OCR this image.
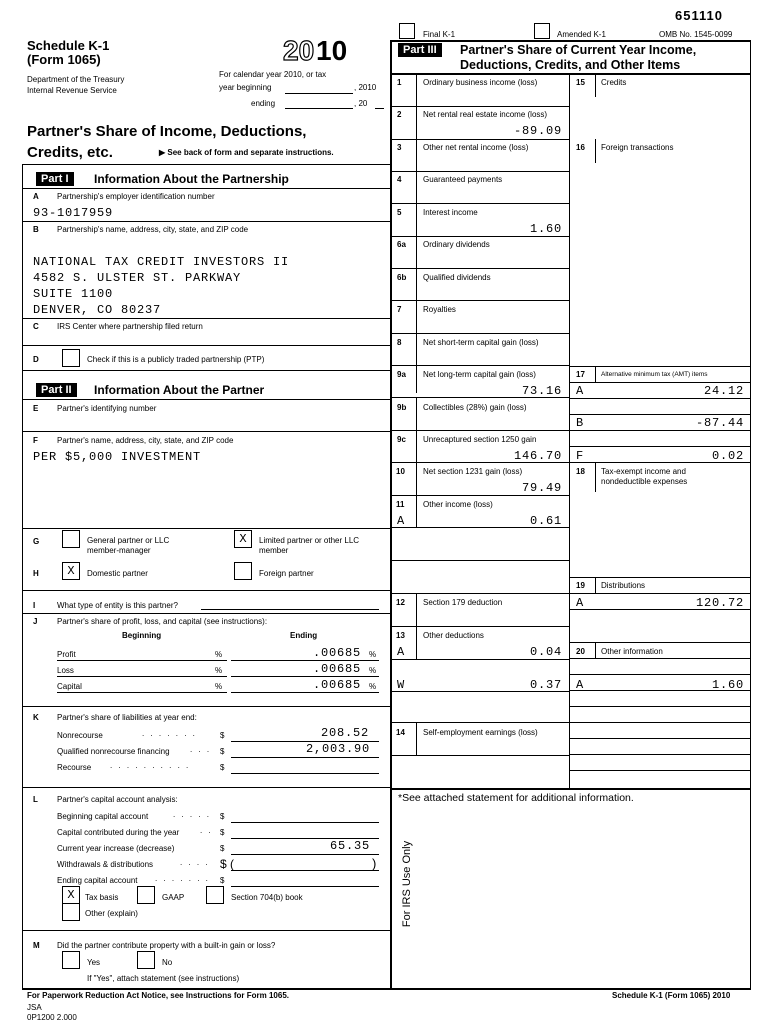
651110
Final K-1	Amended K-1	OMB No. 1545-0099
Schedule K-1
(Form 1065)	20 10
For calendar year 2010, or tax
year beginning	, 2010
ending	, 20
Department of the Treasury
Internal Revenue Service
Partner's Share of Income, Deductions,
Credits, etc.	▶ See back of form and separate instructions.
Part I	Information About the Partnership
A Partnership's employer identification number
93-1017959
B Partnership's name, address, city, state, and ZIP code
NATIONAL TAX CREDIT INVESTORS II
4582 S. ULSTER ST. PARKWAY
SUITE 1100
DENVER, CO 80237
C IRS Center where partnership filed return
D	Check if this is a publicly traded partnership (PTP)
Part II	Information About the Partner
E Partner's identifying number
F Partner's name, address, city, state, and ZIP code
PER $5,000 INVESTMENT
G	General partner or LLC
member-manager
X	Limited partner or other LLC
member
H	X	Domestic partner	Foreign partner
I	What type of entity is this partner?
J Partner's share of profit, loss, and capital (see instructions):
Beginning	Ending
Profit	%	.00685 %
Loss	%	.00685 %
Capital	%	.00685 %
K Partner's share of liabilities at year end:
Nonrecourse	. . . . . . .	$	208.52
Qualified nonrecourse financing	. . . $	2,003.90
Recourse . . . . . . . . . .	$
L Partner's capital account analysis:
Beginning capital account	. . . . . $
Capital contributed during the year	. . $
Current year increase (decrease)	$	65.35
Withdrawals & distributions	. . . . $ (	)
Ending capital account . . . . . . . $
X	Tax basis	GAAP	Section 704(b) book
Other (explain)
M Did the partner contribute property with a built-in gain or loss?
Yes	No
If "Yes", attach statement (see instructions)
Part III	Partner's Share of Current Year Income,
Deductions, Credits, and Other Items
1	Ordinary business income (loss)
2	Net rental real estate income (loss)
-89.09
3	Other net rental income (loss)
4	Guaranteed payments
5	Interest income
1.60
6a Ordinary dividends
6b Qualified dividends
7	Royalties
8	Net short-term capital gain (loss)
9a Net long-term capital gain (loss)
73.16
9b Collectibles (28%) gain (loss)
9c Unrecaptured section 1250 gain
146.70
10 Net section 1231 gain (loss)
79.49
11 Other income (loss)
A	0.61
12 Section 179 deduction
13 Other deductions
A	0.04
W	0.37
14 Self-employment earnings (loss)
15 Credits
16 Foreign transactions
17 Alternative minimum tax (AMT) items
A	24.12
B	-87.44
F	0.02
18 Tax-exempt income and
nondeductible expenses
19 Distributions
A	120.72
20 Other information
A	1.60
*See attached statement for additional information.
For IRS Use Only
For Paperwork Reduction Act Notice, see Instructions for Form 1065.	Schedule K-1 (Form 1065) 2010
JSA
0P1200 2.000
